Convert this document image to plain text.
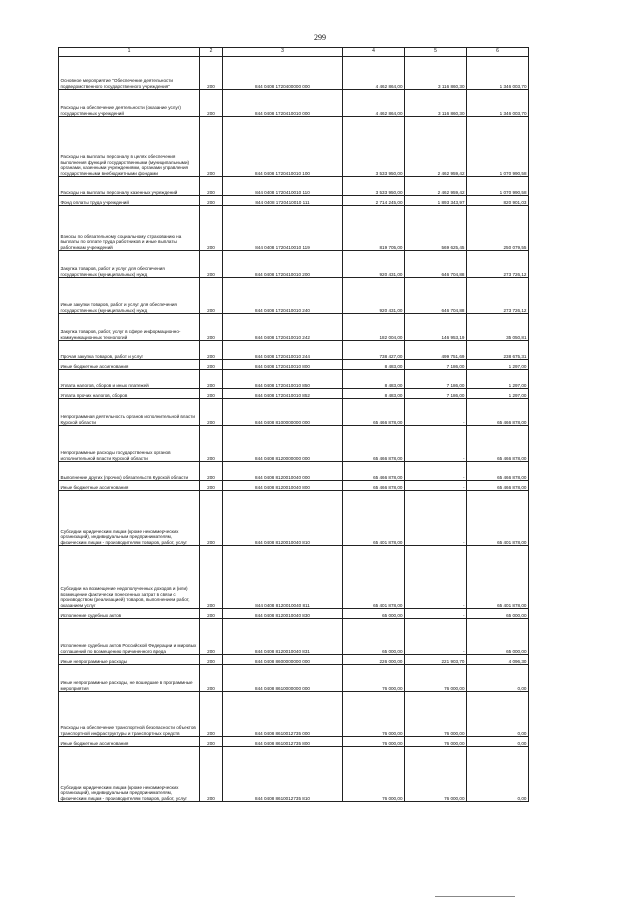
299
1	2	3	4	5	6
Основное мероприятие "Обеспечение деятельности подведомственного государственного учреждения"	200	844 0408 1720400000 000	4 462 864,00	3 116 860,30	1 346 003,70
Расходы на обеспечение деятельности (оказание услуг) государственных учреждений	200	844 0408 1720410010 000	4 462 864,00	3 116 860,30	1 346 003,70
Расходы на выплаты персоналу в целях обеспечения выполнения функций государственными (муниципальными) органами, казенными учреждениями, органами управления государственными внебюджетными фондами	200	844 0408 1720410010 100	3 533 950,00	2 462 959,42	1 070 990,58
Расходы на выплаты персоналу казенных учреждений	200	844 0408 1720410010 110	3 533 950,00	2 462 959,42	1 070 990,58
Фонд оплаты труда учреждений	200	844 0408 1720410010 111	2 714 245,00	1 893 343,97	820 901,03
Взносы по обязательному социальному страхованию на выплаты по оплате труда работников и иные выплаты работникам учреждений	200	844 0408 1720410010 119	819 705,00	569 625,45	250 079,55
Закупка товаров, работ и услуг для обеспечения государственных (муниципальных) нужд	200	844 0408 1720410010 200	920 431,00	646 704,88	273 726,12
Иные закупки товаров, работ и услуг для обеспечения государственных (муниципальных) нужд	200	844 0408 1720410010 240	920 431,00	646 704,88	273 726,12
Закупка товаров, работ, услуг в сфере информационно-коммуникационных технологий	200	844 0408 1720410010 242	182 004,00	146 953,19	35 050,81
Прочая закупка товаров, работ и услуг	200	844 0408 1720410010 244	738 427,00	499 751,69	238 675,31
Иные бюджетные ассигнования	200	844 0408 1720410010 800	8 483,00	7 186,00	1 297,00
Уплата налогов, сборов и иных платежей	200	844 0408 1720410010 850	8 483,00	7 186,00	1 297,00
Уплата прочих налогов, сборов	200	844 0408 1720410010 852	8 483,00	7 186,00	1 297,00
Непрограммная деятельность органов исполнительной власти Курской области	200	844 0408 8100000000 000	65 466 878,00	-	65 466 878,00
Непрограммные расходы государственных органов исполнительной власти Курской области	200	844 0408 8120000000 000	65 466 878,00	-	65 466 878,00
Выполнение других (прочих) обязательств Курской области	200	844 0408 8120010040 000	65 466 878,00	-	65 466 878,00
Иные бюджетные ассигнования	200	844 0408 8120010040 800	65 466 878,00	-	65 466 878,00
Субсидии юридическим лицам (кроме некоммерческих организаций), индивидуальным предпринимателям, физическим лицам - производителям товаров, работ, услуг	200	844 0408 8120010040 810	65 401 878,00	-	65 401 878,00
Субсидии на возмещение недополученных доходов и (или) возмещение фактически понесенных затрат в связи с производством (реализацией) товаров, выполнением работ, оказанием услуг	200	844 0408 8120010040 811	65 401 878,00	-	65 401 878,00
Исполнение судебных актов	200	844 0408 8120010040 830	65 000,00	-	65 000,00
Исполнение судебных актов Российской Федерации и мировых соглашений по возмещению причиненного вреда	200	844 0408 8120010040 831	65 000,00	-	65 000,00
Иные непрограммные расходы	200	844 0408 8600000000 000	226 000,00	221 903,70	4 096,30
Иные непрограммные расходы, не вошедшие в программные мероприятия	200	844 0408 8610000000 000	76 000,00	76 000,00	0,00
Расходы на обеспечение транспортной безопасности объектов транспортной инфраструктуры и транспортных средств	200	844 0408 8610012735 000	76 000,00	76 000,00	0,00
Иные бюджетные ассигнования	200	844 0408 8610012735 800	76 000,00	76 000,00	0,00
Субсидии юридическим лицам (кроме некоммерческих организаций), индивидуальным предпринимателям, физическим лицам - производителям товаров, работ, услуг	200	844 0408 8610012735 810	76 000,00	76 000,00	0,00
